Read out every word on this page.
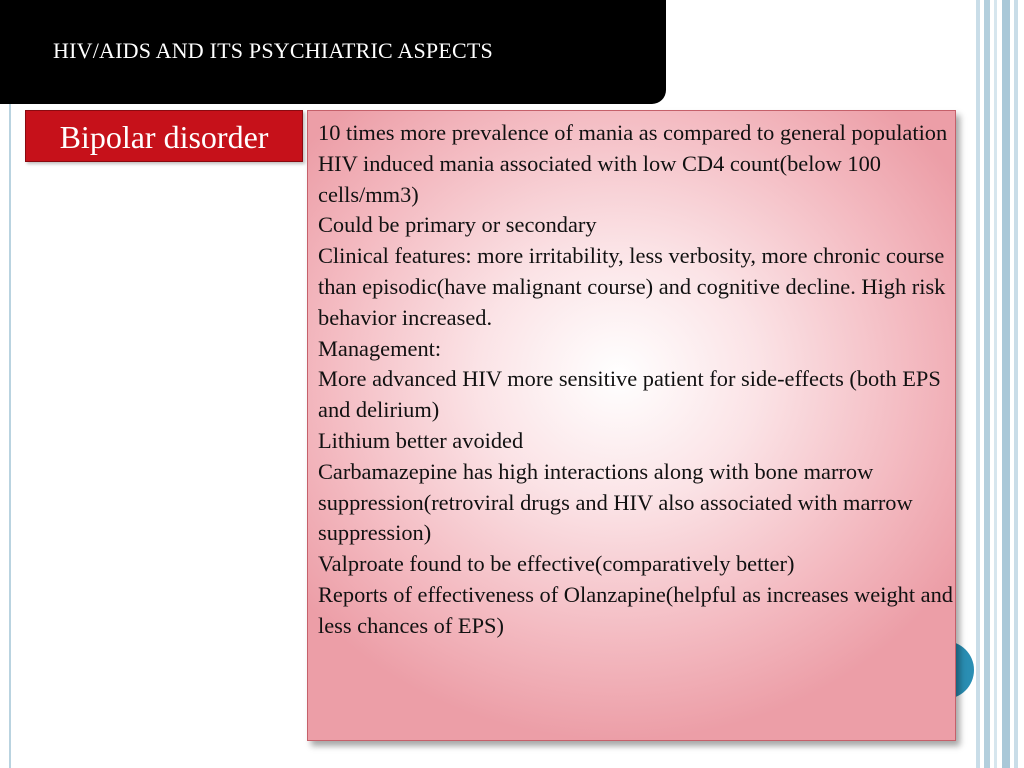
HIV/AIDS AND ITS PSYCHIATRIC ASPECTS
Bipolar disorder	10 times more prevalence of mania as compared to general population
HIV induced mania associated with low CD4 count(below 100 cells/mm3)
Could be primary or secondary
Clinical features: more irritability, less verbosity, more chronic course than episodic(have malignant course) and cognitive decline. High risk behavior increased.
Management:
More advanced HIV more sensitive patient for side-effects (both EPS and delirium)
Lithium better avoided
Carbamazepine has high interactions along with bone marrow suppression(retroviral drugs and HIV also associated with marrow suppression)
Valproate found to be effective(comparatively better)
Reports of effectiveness of Olanzapine(helpful as increases weight and less chances of EPS)
